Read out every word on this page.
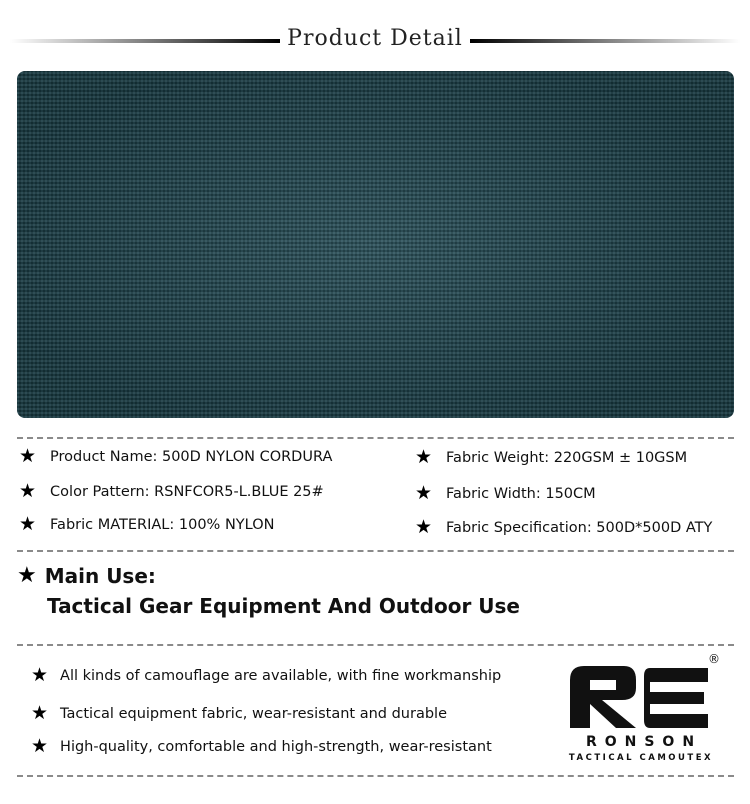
Product Detail
★ Product Name: 500D NYLON CORDURA
★ Color Pattern: RSNFCOR5-L.BLUE 25#
★ Fabric MATERIAL: 100% NYLON
★ Fabric Weight: 220GSM ± 10GSM
★ Fabric Width: 150CM
★ Fabric Specification: 500D*500D ATY
★ Main Use:
Tactical Gear Equipment And Outdoor Use
★ All kinds of camouflage are available, with fine workmanship
★ Tactical equipment fabric, wear-resistant and durable
★ High-quality, comfortable and high-strength, wear-resistant
®
RONSON
TACTICAL CAMOUTEX
